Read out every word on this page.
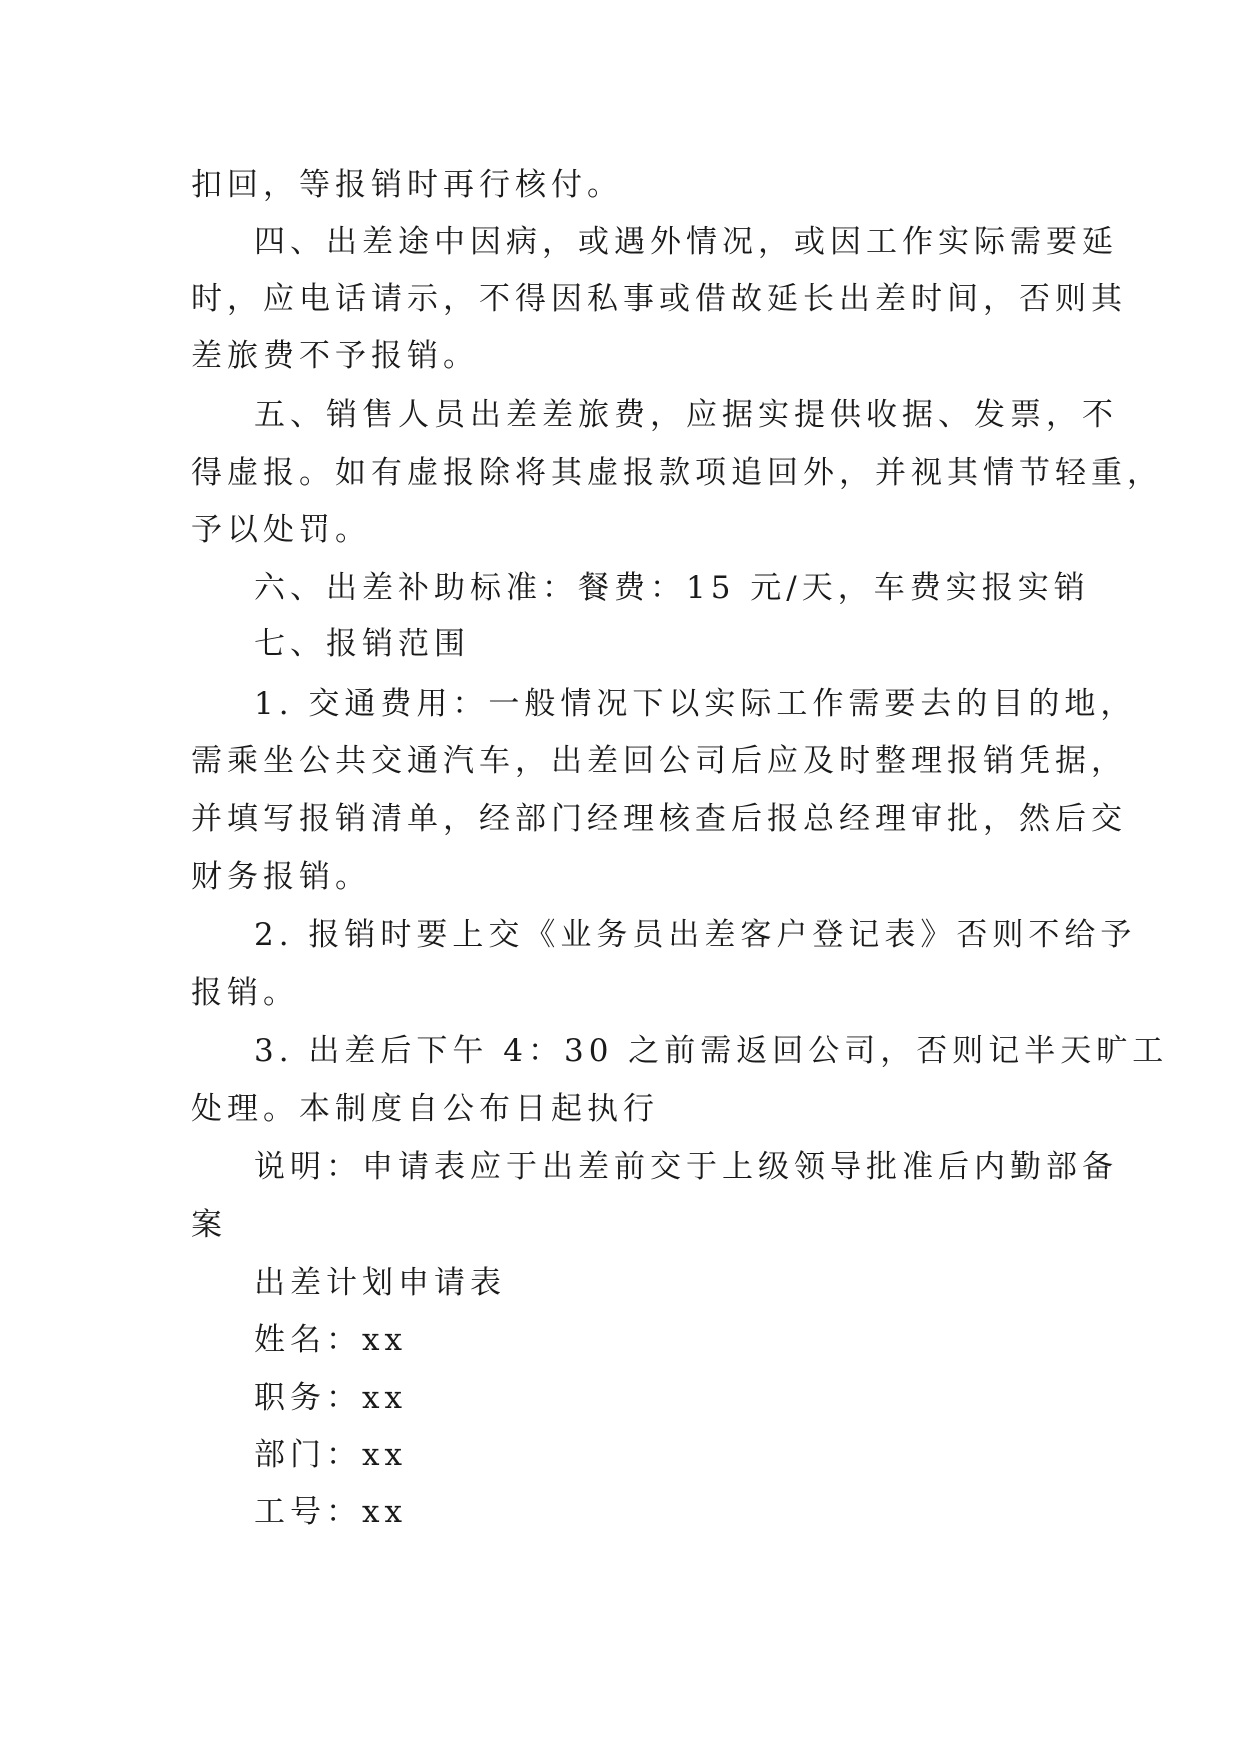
扣回，等报销时再行核付。
四、出差途中因病，或遇外情况，或因工作实际需要延
时，应电话请示，不得因私事或借故延长出差时间，否则其
差旅费不予报销。
五、销售人员出差差旅费，应据实提供收据、发票，不
得虚报。如有虚报除将其虚报款项追回外，并视其情节轻重，
予以处罚。
六、出差补助标准：餐费：15 元/天，车费实报实销
七、报销范围
1. 交通费用：一般情况下以实际工作需要去的目的地，
需乘坐公共交通汽车，出差回公司后应及时整理报销凭据，
并填写报销清单，经部门经理核查后报总经理审批，然后交
财务报销。
2. 报销时要上交《业务员出差客户登记表》否则不给予
报销。
3. 出差后下午 4：30 之前需返回公司，否则记半天旷工
处理。本制度自公布日起执行
说明：申请表应于出差前交于上级领导批准后内勤部备
案
出差计划申请表
姓名：xx
职务：xx
部门：xx
工号：xx
